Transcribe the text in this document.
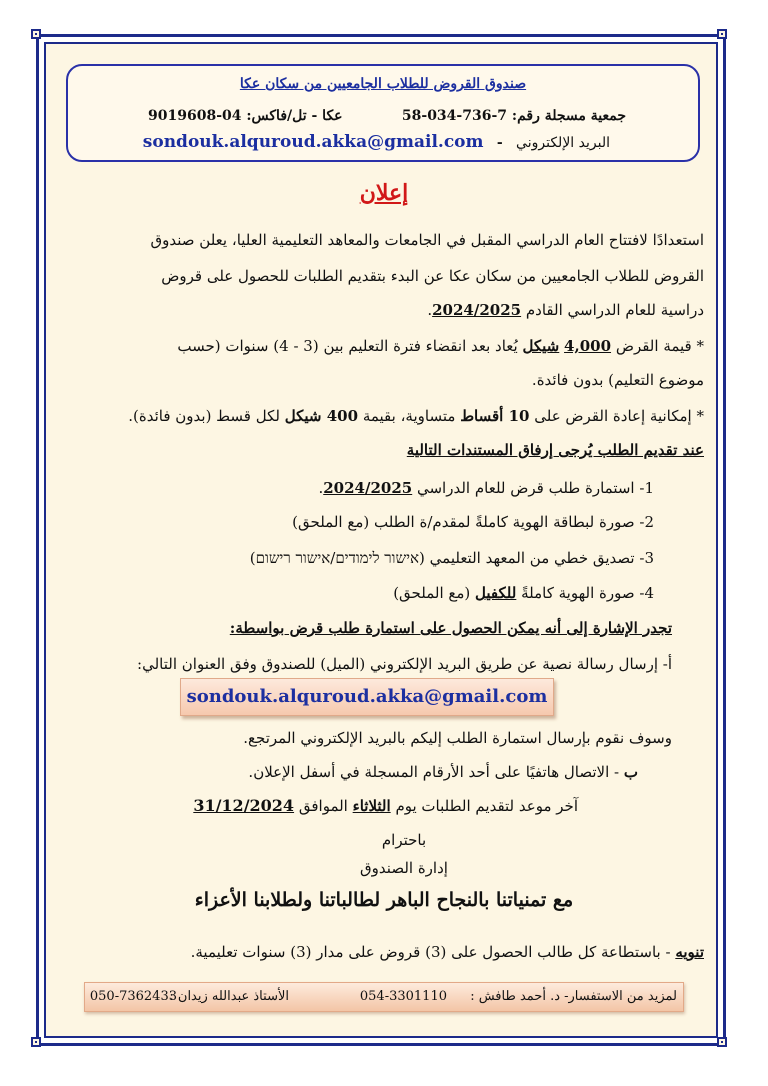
صندوق القروض للطلاب الجامعيين من سكان عكا
جمعية مسجلة رقم: 7-736-034-58
عكا - تل/فاكس: 04-9019608
البريد الإلكتروني   -   sondouk.alquroud.akka@gmail.com
إعلان
استعدادًا لافتتاح العام الدراسي المقبل في الجامعات والمعاهد التعليمية العليا، يعلن صندوق
القروض للطلاب الجامعيين من سكان عكا عن البدء بتقديم الطلبات للحصول على قروض
دراسية للعام الدراسي القادم 2024/2025.
* قيمة القرض 4,000 شيكل يُعاد بعد انقضاء فترة التعليم بين (3 - 4) سنوات (حسب
موضوع التعليم) بدون فائدة.
* إمكانية إعادة القرض على 10 أقساط متساوية، بقيمة 400 شيكل لكل قسط (بدون فائدة).
عند تقديم الطلب يُرجى إرفاق المستندات التالية
1- استمارة طلب قرض للعام الدراسي 2024/2025.
2- صورة لبطاقة الهوية كاملةً لمقدم/ة الطلب (مع الملحق)
3- تصديق خطي من المعهد التعليمي (אישור לימודים/אישור רישום)
4- صورة الهوية كاملةً للكفيل (مع الملحق)
تجدر الإشارة إلى أنه يمكن الحصول على استمارة طلب قرض بواسطة:
أ- إرسال رسالة نصية عن طريق البريد الإلكتروني (الميل) للصندوق وفق العنوان التالي:
sondouk.alquroud.akka@gmail.com
وسوف نقوم بإرسال استمارة الطلب إليكم بالبريد الإلكتروني المرتجع.
ب - الاتصال هاتفيًا على أحد الأرقام المسجلة في أسفل الإعلان.
آخر موعد لتقديم الطلبات يوم الثلاثاء الموافق 31/12/2024
باحترام
إدارة الصندوق
مع تمنياتنا بالنجاح الباهر لطالباتنا ولطلابنا الأعزاء
تنويه - باستطاعة كل طالب الحصول على (3) قروض على مدار (3) سنوات تعليمية.
لمزيد من الاستفسار- د. أحمد طافش :
054-3301110
الأستاذ عبدالله زيدان :
050-7362433
